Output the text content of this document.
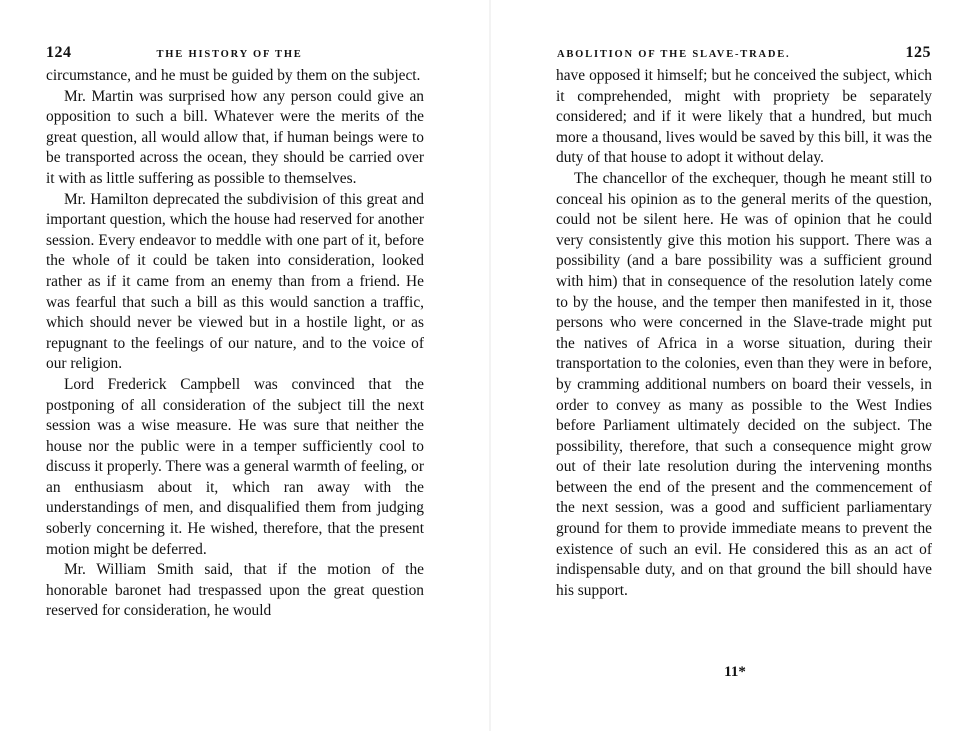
124	THE HISTORY OF THE

circumstance, and he must be guided by them on the subject.

Mr. Martin was surprised how any person could give an opposition to such a bill. Whatever were the merits of the great question, all would allow that, if human beings were to be transported across the ocean, they should be carried over it with as little suffering as possible to themselves.

Mr. Hamilton deprecated the subdivision of this great and important question, which the house had reserved for another session. Every endeavor to meddle with one part of it, before the whole of it could be taken into consideration, looked rather as if it came from an enemy than from a friend. He was fearful that such a bill as this would sanction a traffic, which should never be viewed but in a hostile light, or as repugnant to the feelings of our nature, and to the voice of our religion.

Lord Frederick Campbell was convinced that the postponing of all consideration of the subject till the next session was a wise measure. He was sure that neither the house nor the public were in a temper sufficiently cool to discuss it properly. There was a general warmth of feeling, or an enthusiasm about it, which ran away with the understandings of men, and disqualified them from judging soberly concerning it. He wished, therefore, that the present motion might be deferred.

Mr. William Smith said, that if the motion of the honorable baronet had trespassed upon the great question reserved for consideration, he would

ABOLITION OF THE SLAVE-TRADE.	125

have opposed it himself; but he conceived the subject, which it comprehended, might with propriety be separately considered; and if it were likely that a hundred, but much more a thousand, lives would be saved by this bill, it was the duty of that house to adopt it without delay.

The chancellor of the exchequer, though he meant still to conceal his opinion as to the general merits of the question, could not be silent here. He was of opinion that he could very consistently give this motion his support. There was a possibility (and a bare possibility was a sufficient ground with him) that in consequence of the resolution lately come to by the house, and the temper then manifested in it, those persons who were concerned in the Slave-trade might put the natives of Africa in a worse situation, during their transportation to the colonies, even than they were in before, by cramming additional numbers on board their vessels, in order to convey as many as possible to the West Indies before Parliament ultimately decided on the subject. The possibility, therefore, that such a consequence might grow out of their late resolution during the intervening months between the end of the present and the commencement of the next session, was a good and sufficient parliamentary ground for them to provide immediate means to prevent the existence of such an evil. He considered this as an act of indispensable duty, and on that ground the bill should have his support.

11*
